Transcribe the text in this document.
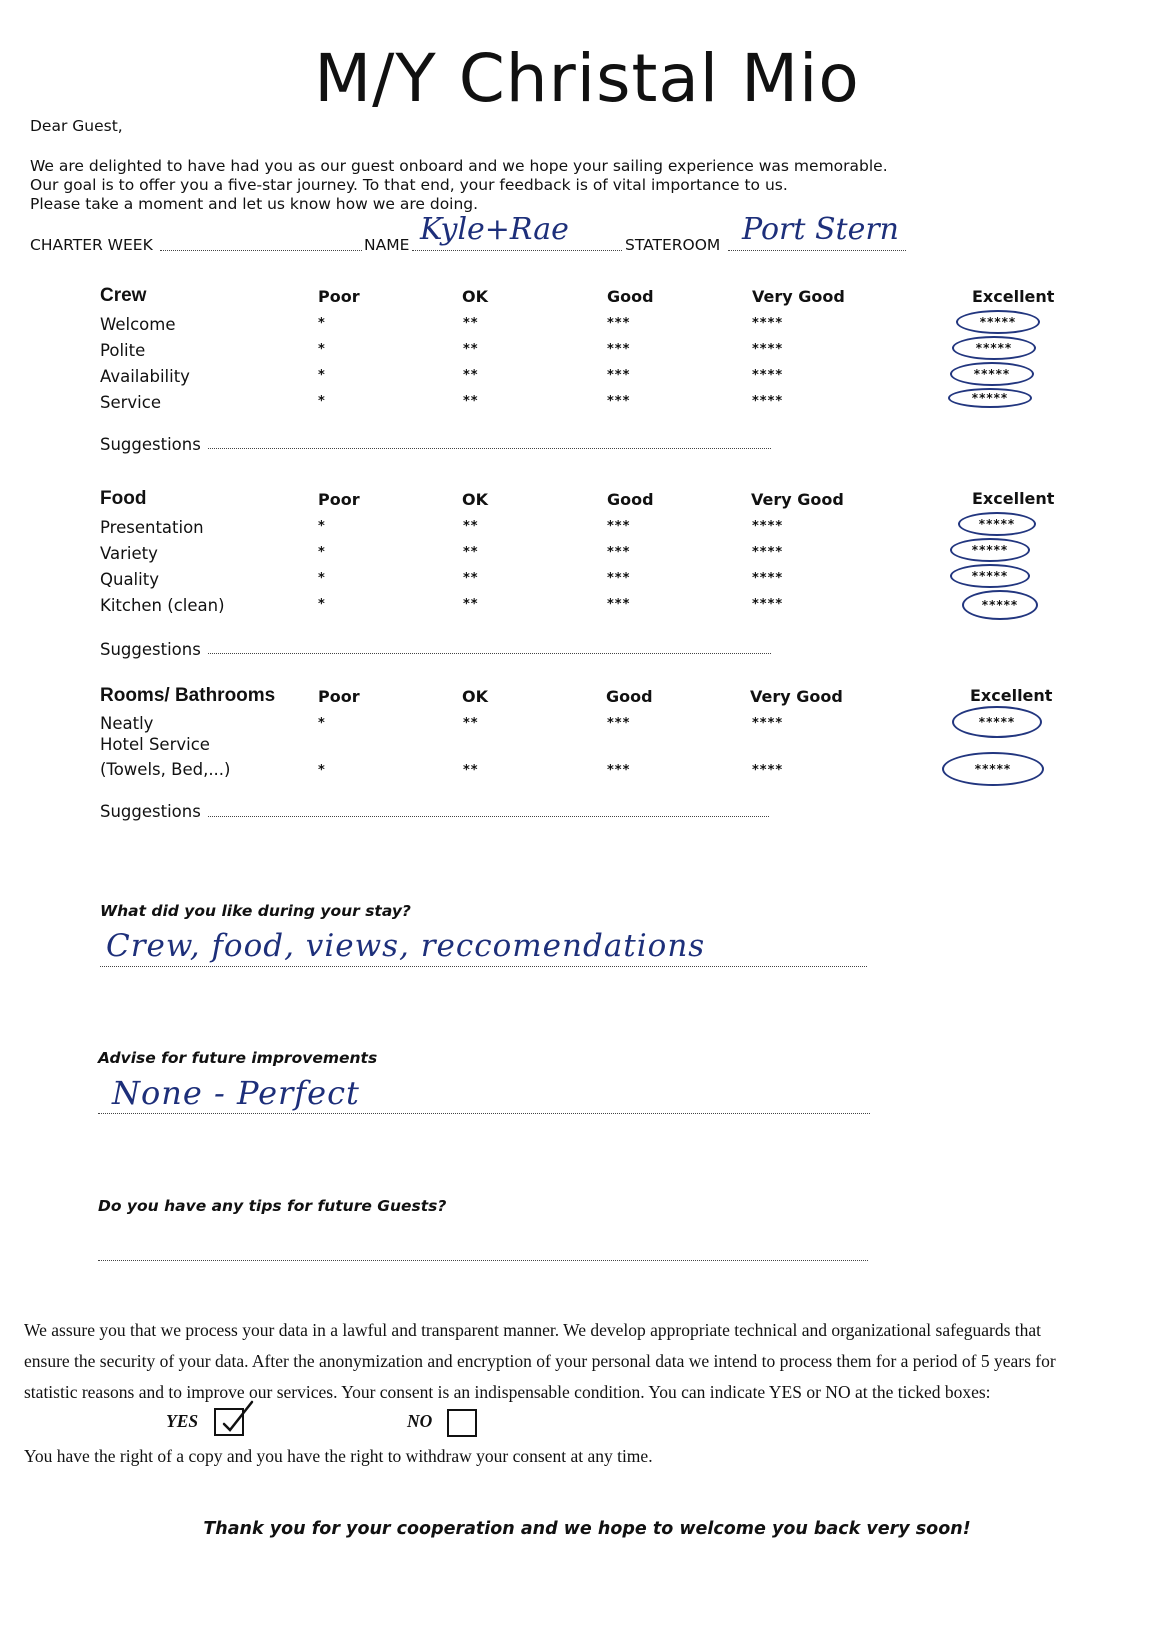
M/Y Christal Mio
Dear Guest,
We are delighted to have had you as our guest onboard and we hope your sailing experience was memorable.
Our goal is to offer you a five-star journey. To that end, your feedback is of vital importance to us.
Please take a moment and let us know how we are doing.
CHARTER WEEK	NAME Kyle+Rae	STATEROOM Port Stern
Crew	Poor	OK	Good	Very Good	Excellent
Welcome	*	**	***	****	*****
Polite	*	**	***	****	*****
Availability	*	**	***	****	*****
Service	*	**	***	****	*****
Suggestions
Food	Poor	OK	Good	Very Good	Excellent
Presentation	*	**	***	****	*****
Variety	*	**	***	****	*****
Quality	*	**	***	****	*****
Kitchen (clean)	*	**	***	****	*****
Suggestions
Rooms/ Bathrooms	Poor	OK	Good	Very Good	Excellent
Neatly	*	**	***	****	*****
Hotel Service
(Towels, Bed,...)	*	**	***	****	*****
Suggestions
What did you like during your stay?
Crew, food, views, reccomendations
Advise for future improvements
None - Perfect
Do you have any tips for future Guests?
We assure you that we process your data in a lawful and transparent manner. We develop appropriate technical and organizational safeguards that
ensure the security of your data. After the anonymization and encryption of your personal data we intend to process them for a period of 5 years for
statistic reasons and to improve our services. Your consent is an indispensable condition. You can indicate YES or NO at the ticked boxes:
YES	NO
You have the right of a copy and you have the right to withdraw your consent at any time.
Thank you for your cooperation and we hope to welcome you back very soon!
